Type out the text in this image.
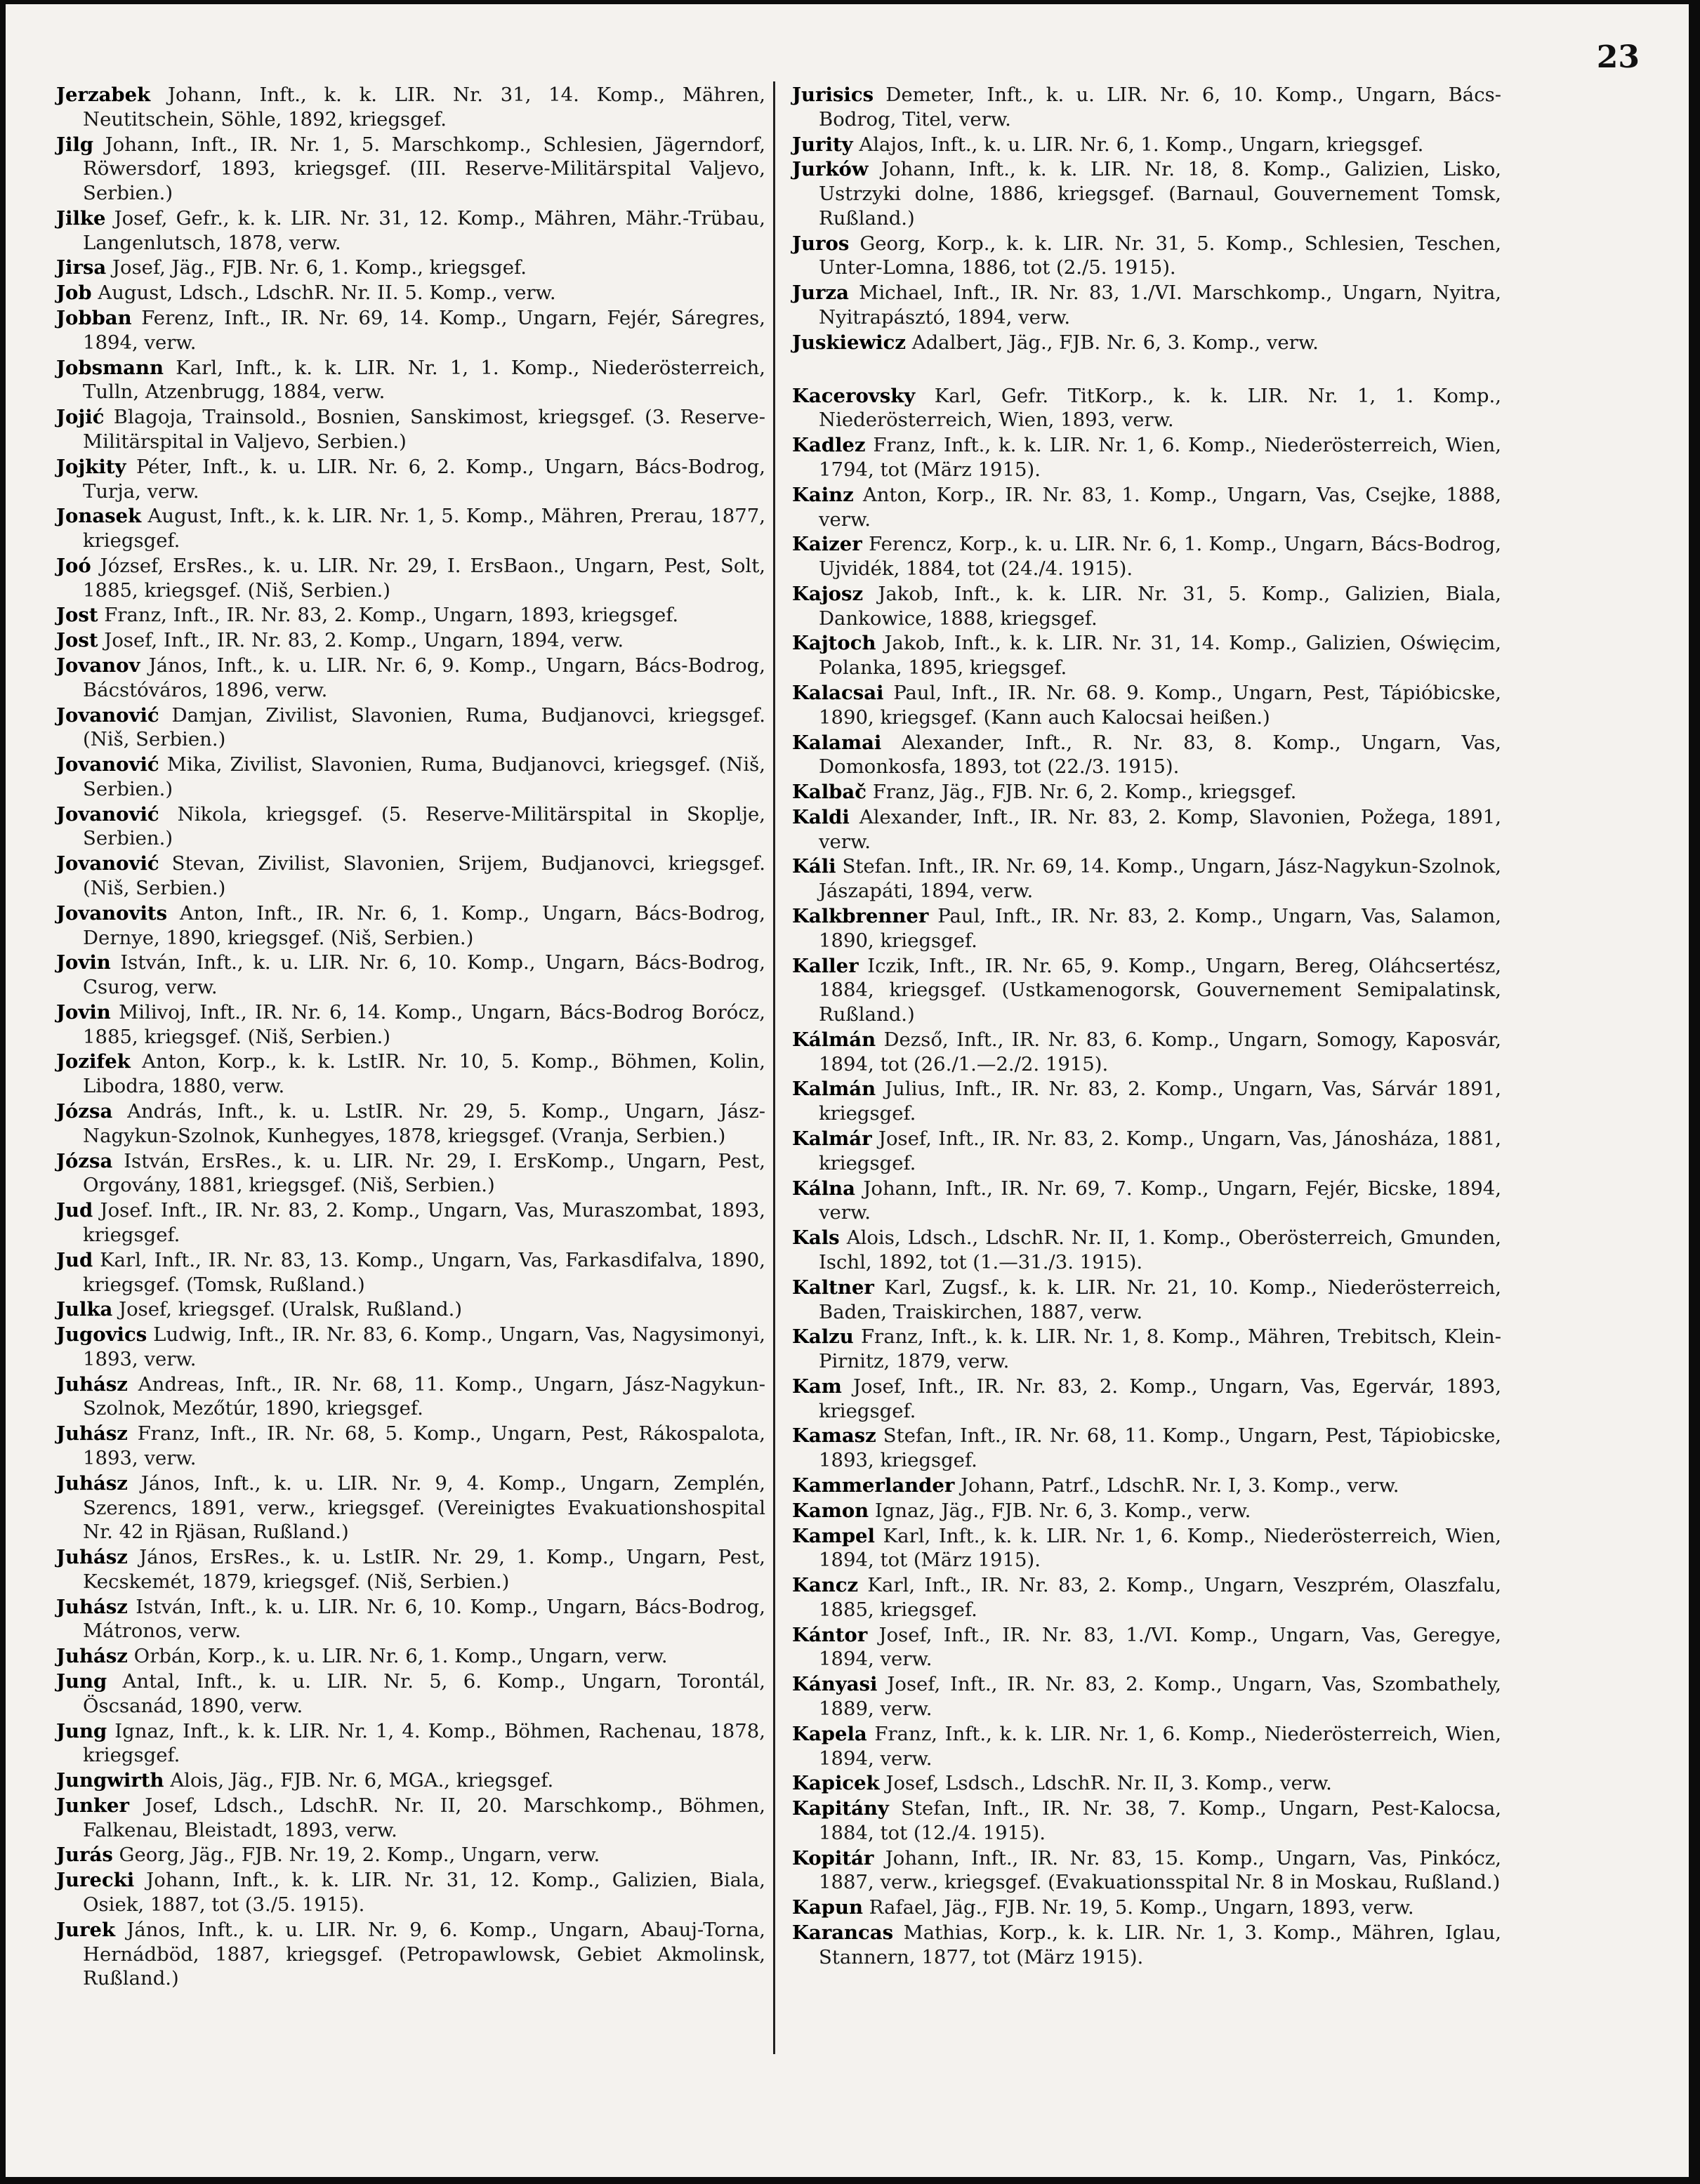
23

Jerzabek Johann, Inft., k. k. LIR. Nr. 31, 14. Komp., Mähren, Neutitschein, Söhle, 1892, kriegsgef.

Jilg Johann, Inft., IR. Nr. 1, 5. Marschkomp., Schlesien, Jägerndorf, Röwersdorf, 1893, kriegsgef. (III. Reserve-Militärspital Valjevo, Serbien.)

Jilke Josef, Gefr., k. k. LIR. Nr. 31, 12. Komp., Mähren, Mähr.-Trübau, Langenlutsch, 1878, verw.

Jirsa Josef, Jäg., FJB. Nr. 6, 1. Komp., kriegsgef.

Job August, Ldsch., LdschR. Nr. II. 5. Komp., verw.

Jobban Ferenz, Inft., IR. Nr. 69, 14. Komp., Ungarn, Fejér, Sáregres, 1894, verw.

Jobsmann Karl, Inft., k. k. LIR. Nr. 1, 1. Komp., Niederösterreich, Tulln, Atzenbrugg, 1884, verw.

Jojić Blagoja, Trainsold., Bosnien, Sanskimost, kriegsgef. (3. Reserve-Militärspital in Valjevo, Serbien.)

Jojkity Péter, Inft., k. u. LIR. Nr. 6, 2. Komp., Ungarn, Bács-Bodrog, Turja, verw.

Jonasek August, Inft., k. k. LIR. Nr. 1, 5. Komp., Mähren, Prerau, 1877, kriegsgef.

Joó József, ErsRes., k. u. LIR. Nr. 29, I. ErsBaon., Ungarn, Pest, Solt, 1885, kriegsgef. (Niš, Serbien.)

Jost Franz, Inft., IR. Nr. 83, 2. Komp., Ungarn, 1893, kriegsgef.

Jost Josef, Inft., IR. Nr. 83, 2. Komp., Ungarn, 1894, verw.

Jovanov János, Inft., k. u. LIR. Nr. 6, 9. Komp., Ungarn, Bács-Bodrog, Bácstóváros, 1896, verw.

Jovanović Damjan, Zivilist, Slavonien, Ruma, Budjanovci, kriegsgef. (Niš, Serbien.)

Jovanović Mika, Zivilist, Slavonien, Ruma, Budjanovci, kriegsgef. (Niš, Serbien.)

Jovanović Nikola, kriegsgef. (5. Reserve-Militärspital in Skoplje, Serbien.)

Jovanović Stevan, Zivilist, Slavonien, Srijem, Budjanovci, kriegsgef. (Niš, Serbien.)

Jovanovits Anton, Inft., IR. Nr. 6, 1. Komp., Ungarn, Bács-Bodrog, Dernye, 1890, kriegsgef. (Niš, Serbien.)

Jovin István, Inft., k. u. LIR. Nr. 6, 10. Komp., Ungarn, Bács-Bodrog, Csurog, verw.

Jovin Milivoj, Inft., IR. Nr. 6, 14. Komp., Ungarn, Bács-Bodrog Borócz, 1885, kriegsgef. (Niš, Serbien.)

Jozifek Anton, Korp., k. k. LstIR. Nr. 10, 5. Komp., Böhmen, Kolin, Libodra, 1880, verw.

Józsa András, Inft., k. u. LstIR. Nr. 29, 5. Komp., Ungarn, Jász-Nagykun-Szolnok, Kunhegyes, 1878, kriegsgef. (Vranja, Serbien.)

Józsa István, ErsRes., k. u. LIR. Nr. 29, I. ErsKomp., Ungarn, Pest, Orgovány, 1881, kriegsgef. (Niš, Serbien.)

Jud Josef. Inft., IR. Nr. 83, 2. Komp., Ungarn, Vas, Muraszombat, 1893, kriegsgef.

Jud Karl, Inft., IR. Nr. 83, 13. Komp., Ungarn, Vas, Farkasdifalva, 1890, kriegsgef. (Tomsk, Rußland.)

Julka Josef, kriegsgef. (Uralsk, Rußland.)

Jugovics Ludwig, Inft., IR. Nr. 83, 6. Komp., Ungarn, Vas, Nagysimonyi, 1893, verw.

Juhász Andreas, Inft., IR. Nr. 68, 11. Komp., Ungarn, Jász-Nagykun-Szolnok, Mezőtúr, 1890, kriegsgef.

Juhász Franz, Inft., IR. Nr. 68, 5. Komp., Ungarn, Pest, Rákospalota, 1893, verw.

Juhász János, Inft., k. u. LIR. Nr. 9, 4. Komp., Ungarn, Zemplén, Szerencs, 1891, verw., kriegsgef. (Vereinigtes Evakuationshospital Nr. 42 in Rjäsan, Rußland.)

Juhász János, ErsRes., k. u. LstIR. Nr. 29, 1. Komp., Ungarn, Pest, Kecskemét, 1879, kriegsgef. (Niš, Serbien.)

Juhász István, Inft., k. u. LIR. Nr. 6, 10. Komp., Ungarn, Bács-Bodrog, Mátronos, verw.

Juhász Orbán, Korp., k. u. LIR. Nr. 6, 1. Komp., Ungarn, verw.

Jung Antal, Inft., k. u. LIR. Nr. 5, 6. Komp., Ungarn, Torontál, Öscsanád, 1890, verw.

Jung Ignaz, Inft., k. k. LIR. Nr. 1, 4. Komp., Böhmen, Rachenau, 1878, kriegsgef.

Jungwirth Alois, Jäg., FJB. Nr. 6, MGA., kriegsgef.

Junker Josef, Ldsch., LdschR. Nr. II, 20. Marschkomp., Böhmen, Falkenau, Bleistadt, 1893, verw.

Jurás Georg, Jäg., FJB. Nr. 19, 2. Komp., Ungarn, verw.

Jurecki Johann, Inft., k. k. LIR. Nr. 31, 12. Komp., Galizien, Biala, Osiek, 1887, tot (3./5. 1915).

Jurek János, Inft., k. u. LIR. Nr. 9, 6. Komp., Ungarn, Abauj-Torna, Hernádböd, 1887, kriegsgef. (Petropawlowsk, Gebiet Akmolinsk, Rußland.)

Jurisics Demeter, Inft., k. u. LIR. Nr. 6, 10. Komp., Ungarn, Bács-Bodrog, Titel, verw.

Jurity Alajos, Inft., k. u. LIR. Nr. 6, 1. Komp., Ungarn, kriegsgef.

Jurków Johann, Inft., k. k. LIR. Nr. 18, 8. Komp., Galizien, Lisko, Ustrzyki dolne, 1886, kriegsgef. (Barnaul, Gouvernement Tomsk, Rußland.)

Juros Georg, Korp., k. k. LIR. Nr. 31, 5. Komp., Schlesien, Teschen, Unter-Lomna, 1886, tot (2./5. 1915).

Jurza Michael, Inft., IR. Nr. 83, 1./VI. Marschkomp., Ungarn, Nyitra, Nyitrapásztó, 1894, verw.

Juskiewicz Adalbert, Jäg., FJB. Nr. 6, 3. Komp., verw.

Kacerovsky Karl, Gefr. TitKorp., k. k. LIR. Nr. 1, 1. Komp., Niederösterreich, Wien, 1893, verw.

Kadlez Franz, Inft., k. k. LIR. Nr. 1, 6. Komp., Niederösterreich, Wien, 1794, tot (März 1915).

Kainz Anton, Korp., IR. Nr. 83, 1. Komp., Ungarn, Vas, Csejke, 1888, verw.

Kaizer Ferencz, Korp., k. u. LIR. Nr. 6, 1. Komp., Ungarn, Bács-Bodrog, Ujvidék, 1884, tot (24./4. 1915).

Kajosz Jakob, Inft., k. k. LIR. Nr. 31, 5. Komp., Galizien, Biala, Dankowice, 1888, kriegsgef.

Kajtoch Jakob, Inft., k. k. LIR. Nr. 31, 14. Komp., Galizien, Oświęcim, Polanka, 1895, kriegsgef.

Kalacsai Paul, Inft., IR. Nr. 68. 9. Komp., Ungarn, Pest, Tápióbicske, 1890, kriegsgef. (Kann auch Kalocsai heißen.)

Kalamai Alexander, Inft., R. Nr. 83, 8. Komp., Ungarn, Vas, Domonkosfa, 1893, tot (22./3. 1915).

Kalbač Franz, Jäg., FJB. Nr. 6, 2. Komp., kriegsgef.

Kaldi Alexander, Inft., IR. Nr. 83, 2. Komp, Slavonien, Požega, 1891, verw.

Káli Stefan. Inft., IR. Nr. 69, 14. Komp., Ungarn, Jász-Nagykun-Szolnok, Jászapáti, 1894, verw.

Kalkbrenner Paul, Inft., IR. Nr. 83, 2. Komp., Ungarn, Vas, Salamon, 1890, kriegsgef.

Kaller Iczik, Inft., IR. Nr. 65, 9. Komp., Ungarn, Bereg, Oláhcsertész, 1884, kriegsgef. (Ustkamenogorsk, Gouvernement Semipalatinsk, Rußland.)

Kálmán Dezső, Inft., IR. Nr. 83, 6. Komp., Ungarn, Somogy, Kaposvár, 1894, tot (26./1.—2./2. 1915).

Kalmán Julius, Inft., IR. Nr. 83, 2. Komp., Ungarn, Vas, Sárvár 1891, kriegsgef.

Kalmár Josef, Inft., IR. Nr. 83, 2. Komp., Ungarn, Vas, Jánosháza, 1881, kriegsgef.

Kálna Johann, Inft., IR. Nr. 69, 7. Komp., Ungarn, Fejér, Bicske, 1894, verw.

Kals Alois, Ldsch., LdschR. Nr. II, 1. Komp., Oberösterreich, Gmunden, Ischl, 1892, tot (1.—31./3. 1915).

Kaltner Karl, Zugsf., k. k. LIR. Nr. 21, 10. Komp., Niederösterreich, Baden, Traiskirchen, 1887, verw.

Kalzu Franz, Inft., k. k. LIR. Nr. 1, 8. Komp., Mähren, Trebitsch, Klein-Pirnitz, 1879, verw.

Kam Josef, Inft., IR. Nr. 83, 2. Komp., Ungarn, Vas, Egervár, 1893, kriegsgef.

Kamasz Stefan, Inft., IR. Nr. 68, 11. Komp., Ungarn, Pest, Tápiobicske, 1893, kriegsgef.

Kammerlander Johann, Patrf., LdschR. Nr. I, 3. Komp., verw.

Kamon Ignaz, Jäg., FJB. Nr. 6, 3. Komp., verw.

Kampel Karl, Inft., k. k. LIR. Nr. 1, 6. Komp., Niederösterreich, Wien, 1894, tot (März 1915).

Kancz Karl, Inft., IR. Nr. 83, 2. Komp., Ungarn, Veszprém, Olaszfalu, 1885, kriegsgef.

Kántor Josef, Inft., IR. Nr. 83, 1./VI. Komp., Ungarn, Vas, Geregye, 1894, verw.

Kányasi Josef, Inft., IR. Nr. 83, 2. Komp., Ungarn, Vas, Szombathely, 1889, verw.

Kapela Franz, Inft., k. k. LIR. Nr. 1, 6. Komp., Niederösterreich, Wien, 1894, verw.

Kapicek Josef, Lsdsch., LdschR. Nr. II, 3. Komp., verw.

Kapitány Stefan, Inft., IR. Nr. 38, 7. Komp., Ungarn, Pest-Kalocsa, 1884, tot (12./4. 1915).

Kopitár Johann, Inft., IR. Nr. 83, 15. Komp., Ungarn, Vas, Pinkócz, 1887, verw., kriegsgef. (Evakuationsspital Nr. 8 in Moskau, Rußland.)

Kapun Rafael, Jäg., FJB. Nr. 19, 5. Komp., Ungarn, 1893, verw.

Karancas Mathias, Korp., k. k. LIR. Nr. 1, 3. Komp., Mähren, Iglau, Stannern, 1877, tot (März 1915).
